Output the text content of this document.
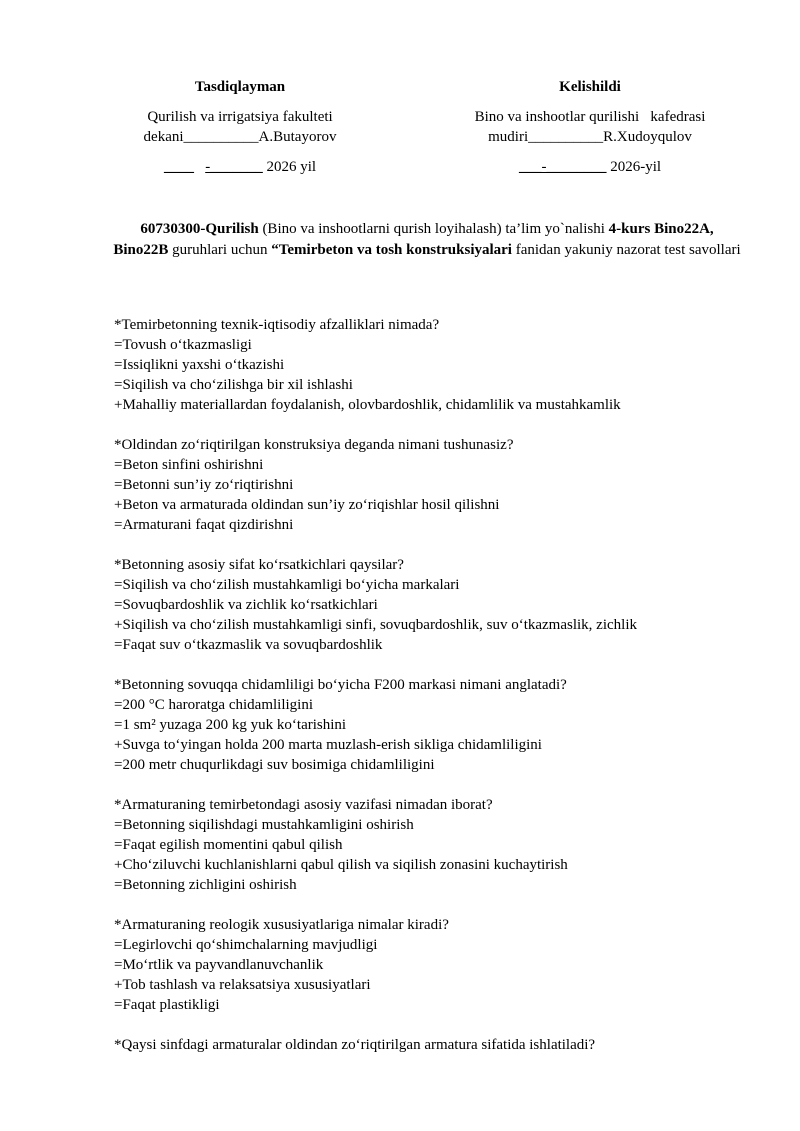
Tasdiqlayman
Qurilish va irrigatsiya fakulteti
dekani__________A.Butayorov
____ -_______ 2026 yil
Kelishildi
Bino va inshootlar qurilishi   kafedrasi
mudiri__________R.Xudoyqulov
___-________ 2026-yil
60730300-Qurilish (Bino va inshootlarni qurish loyihalash) ta’lim yo`nalishi 4-kurs Bino22A, Bino22B guruhlari uchun “Temirbeton va tosh konstruksiyalari fanidan yakuniy nazorat test savollari
*Temirbetonning texnik-iqtisodiy afzalliklari nimada?
=Tovush o‘tkazmasligi
=Issiqlikni yaxshi o‘tkazishi
=Siqilish va cho‘zilishga bir xil ishlashi
+Mahalliy materiallardan foydalanish, olovbardoshlik, chidamlilik va mustahkamlik
*Oldindan zo‘riqtirilgan konstruksiya deganda nimani tushunasiz?
=Beton sinfini oshirishni
=Betonni sun’iy zo‘riqtirishni
+Beton va armaturada oldindan sun’iy zo‘riqishlar hosil qilishni
=Armaturani faqat qizdirishni
*Betonning asosiy sifat ko‘rsatkichlari qaysilar?
=Siqilish va cho‘zilish mustahkamligi bo‘yicha markalari
=Sovuqbardoshlik va zichlik ko‘rsatkichlari
+Siqilish va cho‘zilish mustahkamligi sinfi, sovuqbardoshlik, suv o‘tkazmaslik, zichlik
=Faqat suv o‘tkazmaslik va sovuqbardoshlik
*Betonning sovuqqa chidamliligi bo‘yicha F200 markasi nimani anglatadi?
=200 °C haroratga chidamliligini
=1 sm² yuzaga 200 kg yuk ko‘tarishini
+Suvga to‘yingan holda 200 marta muzlash-erish sikliga chidamliligini
=200 metr chuqurlikdagi suv bosimiga chidamliligini
*Armaturaning temirbetondagi asosiy vazifasi nimadan iborat?
=Betonning siqilishdagi mustahkamligini oshirish
=Faqat egilish momentini qabul qilish
+Cho‘ziluvchi kuchlanishlarni qabul qilish va siqilish zonasini kuchaytirish
=Betonning zichligini oshirish
*Armaturaning reologik xususiyatlariga nimalar kiradi?
=Legirlovchi qo‘shimchalarning mavjudligi
=Mo‘rtlik va payvandlanuvchanlik
+Tob tashlash va relaksatsiya xususiyatlari
=Faqat plastikligi
*Qaysi sinfdagi armaturalar oldindan zo‘riqtirilgan armatura sifatida ishlatiladi?
